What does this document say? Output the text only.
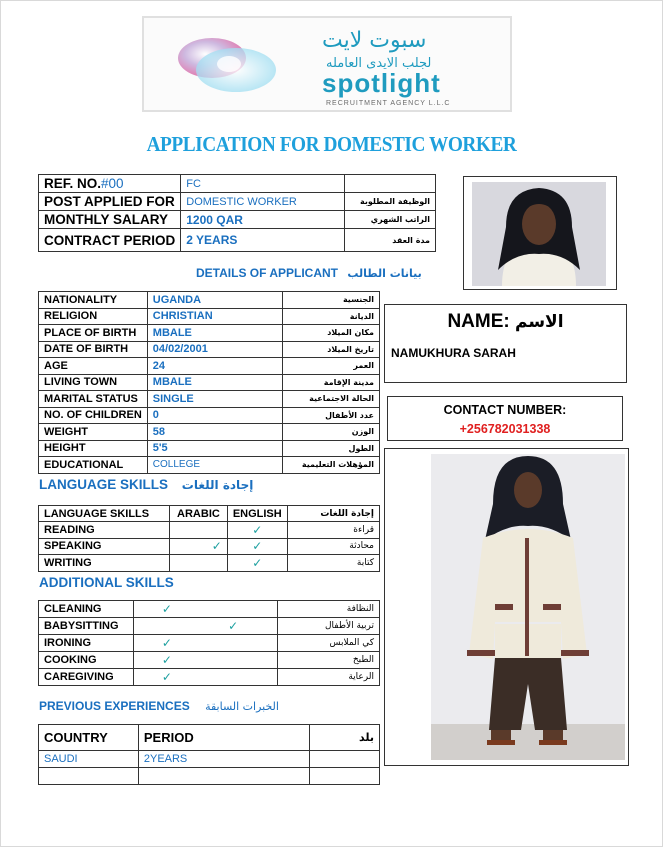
سبوت لايت
لجلب الايدى العامله
spotlight
RECRUITMENT AGENCY L.L.C
APPLICATION FOR DOMESTIC WORKER
REF. NO.#00	FC	
POST APPLIED FOR	DOMESTIC WORKER	الوظيفة المطلوبة
MONTHLY SALARY	1200 QAR	الراتب الشهري
CONTRACT PERIOD	2 YEARS	مدة العقد
DETAILS OF APPLICANT بيانات الطالب
NATIONALITY	UGANDA	الجنسية
RELIGION	CHRISTIAN	الديانة
PLACE OF BIRTH	MBALE	مكان الميلاد
DATE OF BIRTH	04/02/2001	تاريخ الميلاد
AGE	24	العمر
LIVING TOWN	MBALE	مدينة الإقامة
MARITAL STATUS	SINGLE	الحالة الاجتماعية
NO. OF CHILDREN	0	عدد الأطفال
WEIGHT	58	الوزن
HEIGHT	5'5	الطول
EDUCATIONAL	COLLEGE	المؤهلات التعليمية
NAME: الاسم
NAMUKHURA SARAH
CONTACT NUMBER:
+256782031338
LANGUAGE SKILLS إجادة اللغات
LANGUAGE SKILLS	ARABIC	ENGLISH	إجادة اللغات
READING		✓	قراءة
SPEAKING	✓	✓	محادثة
WRITING		✓	كتابة
ADDITIONAL SKILLS
CLEANING	✓	النظافة
BABYSITTING	✓	تربية الأطفال
IRONING	✓	كي الملابس
COOKING	✓	الطبخ
CAREGIVING	✓	الرعاية
PREVIOUS EXPERIENCES الخبرات السابقة
COUNTRY	PERIOD	بلد
SAUDI	2YEARS	
